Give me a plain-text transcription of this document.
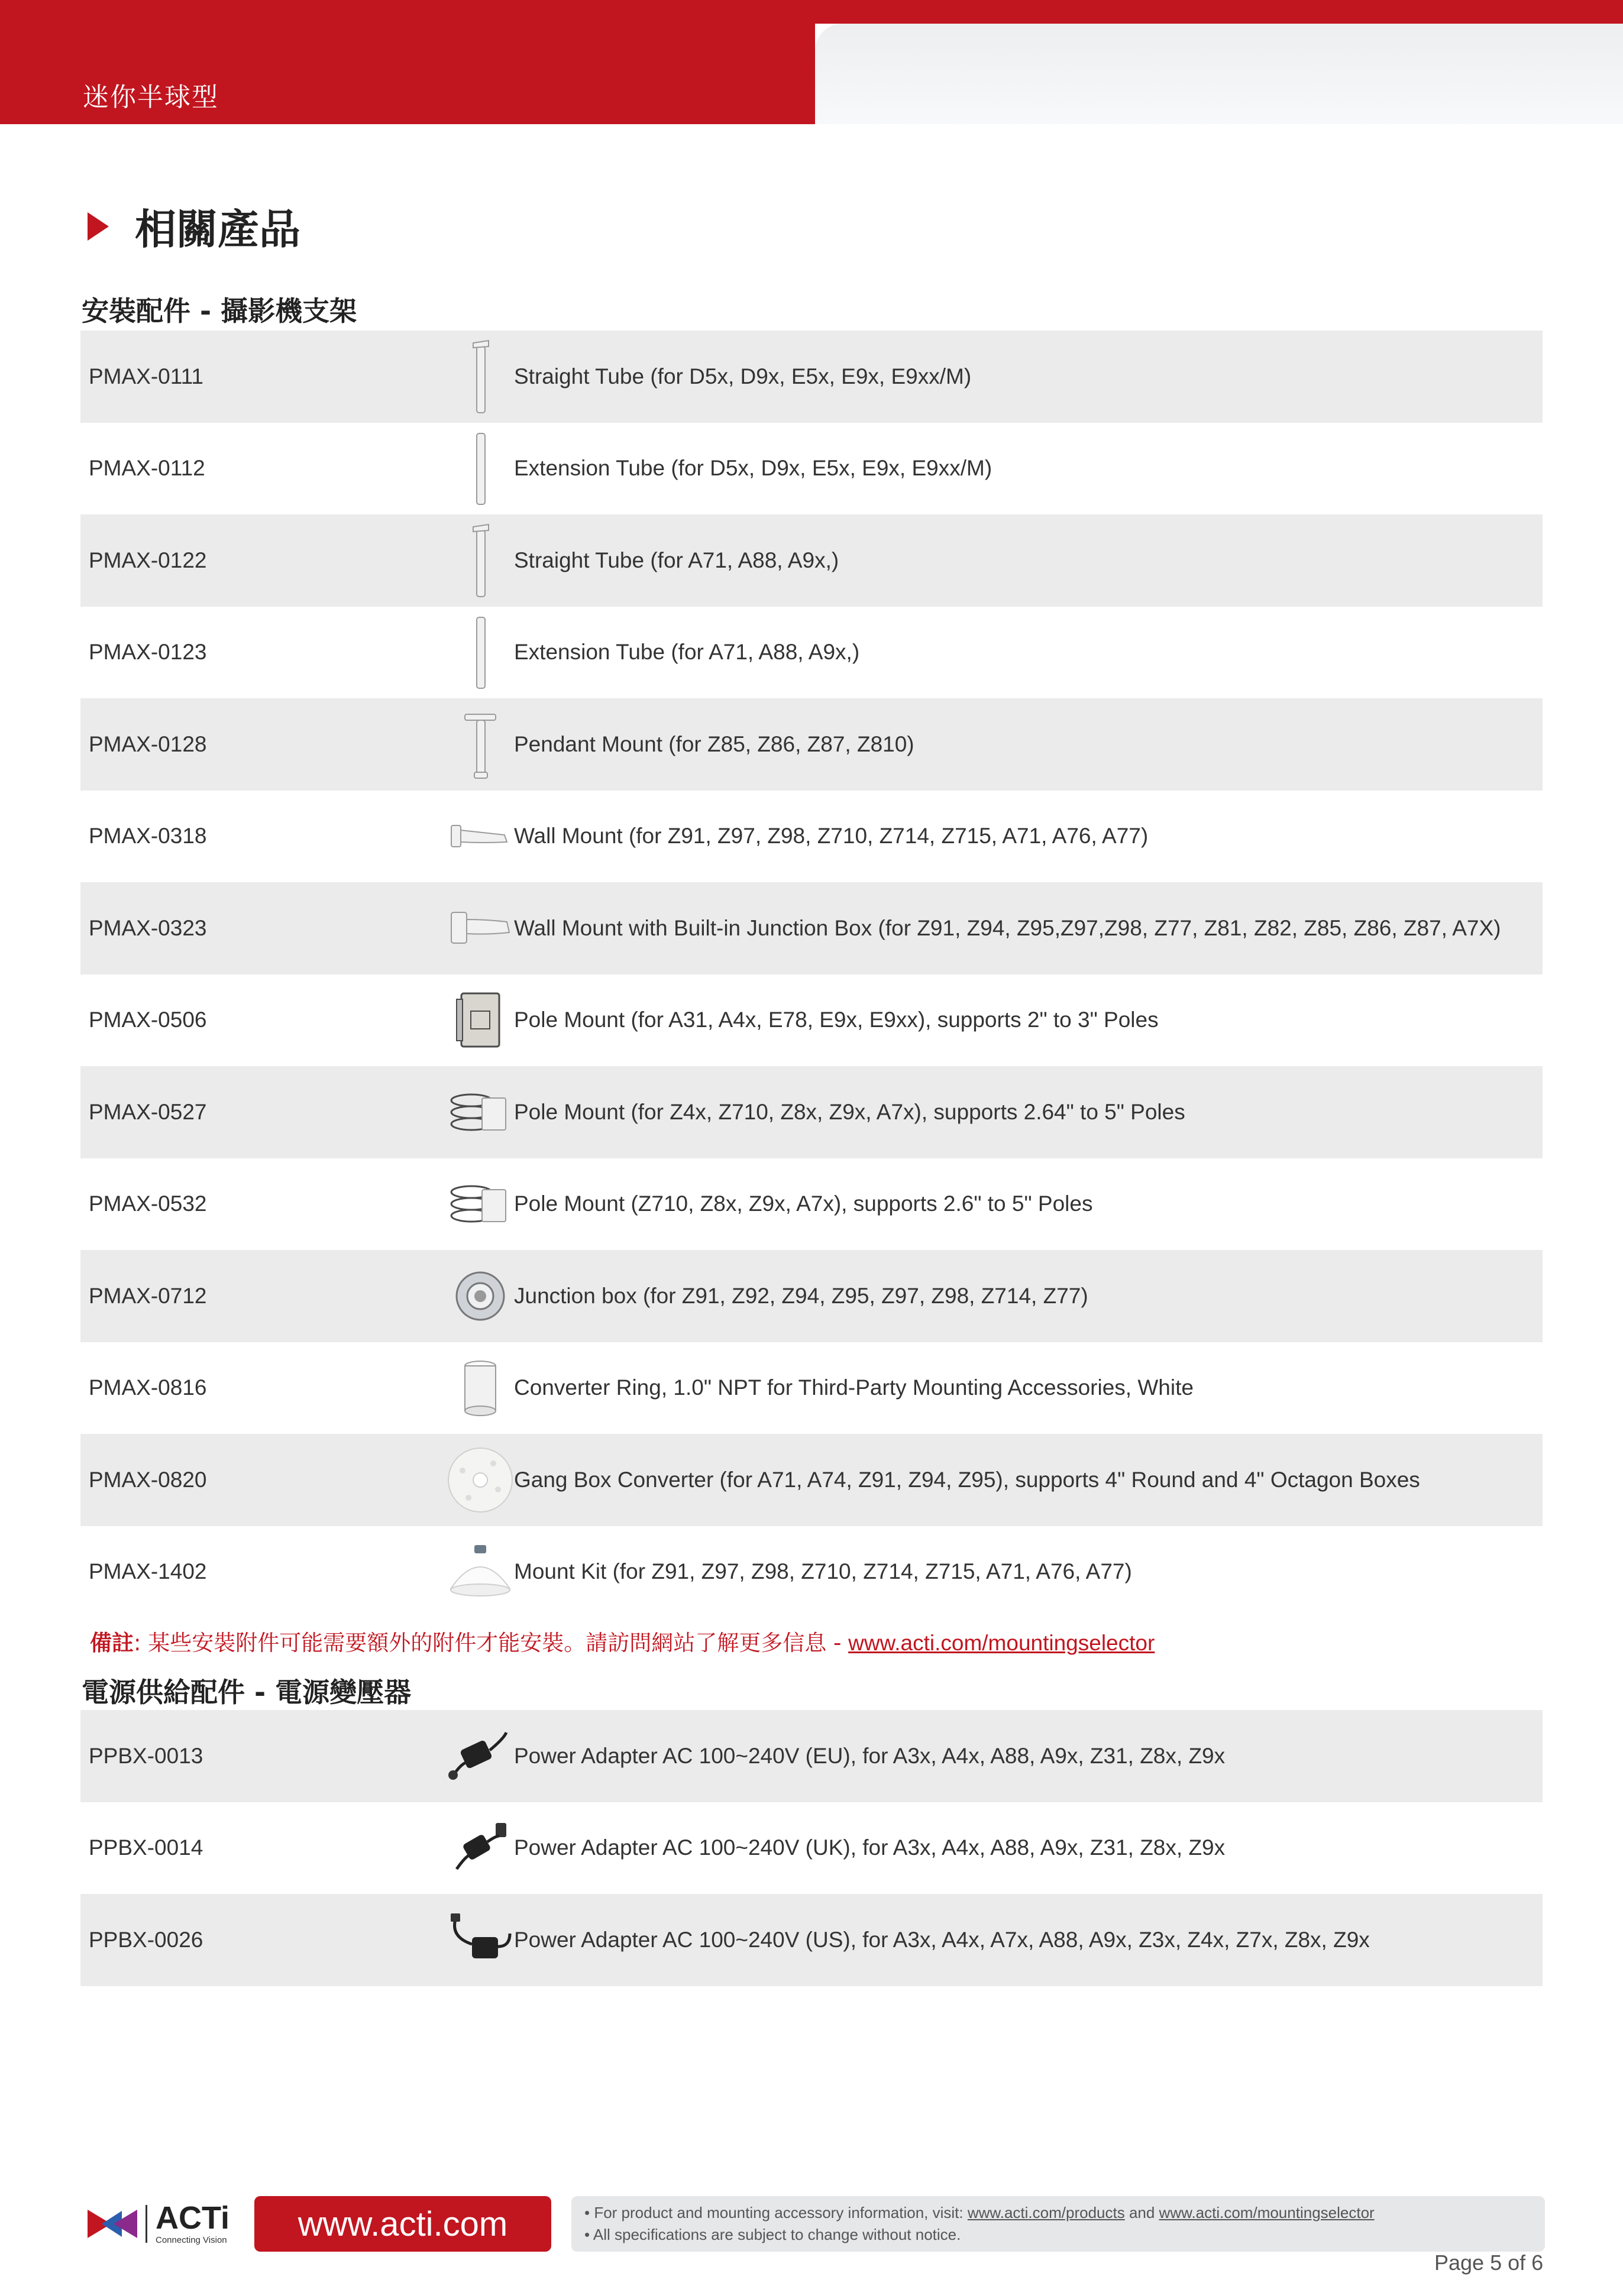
迷你半球型
相關產品
安裝配件 - 攝影機支架
PMAX-0111	Straight Tube (for D5x, D9x, E5x, E9x, E9xx/M)
PMAX-0112	Extension Tube (for D5x, D9x, E5x, E9x, E9xx/M)
PMAX-0122	Straight Tube (for A71, A88, A9x,)
PMAX-0123	Extension Tube (for A71, A88, A9x,)
PMAX-0128	Pendant Mount (for Z85, Z86, Z87, Z810)
PMAX-0318	Wall Mount (for Z91, Z97, Z98, Z710, Z714, Z715, A71, A76, A77)
PMAX-0323	Wall Mount with Built-in Junction Box (for Z91, Z94, Z95,Z97,Z98, Z77, Z81, Z82, Z85, Z86, Z87, A7X)
PMAX-0506	Pole Mount (for A31, A4x, E78, E9x, E9xx), supports 2" to 3" Poles
PMAX-0527	Pole Mount (for Z4x, Z710, Z8x, Z9x, A7x), supports 2.64" to 5" Poles
PMAX-0532	Pole Mount (Z710, Z8x, Z9x, A7x), supports 2.6" to 5" Poles
PMAX-0712	Junction box (for Z91, Z92, Z94, Z95, Z97, Z98, Z714, Z77)
PMAX-0816	Converter Ring, 1.0" NPT for Third-Party Mounting Accessories, White
PMAX-0820	Gang Box Converter (for A71, A74, Z91, Z94, Z95), supports 4" Round and 4" Octagon Boxes
PMAX-1402	Mount Kit (for Z91, Z97, Z98, Z710, Z714, Z715, A71, A76, A77)
備註: 某些安裝附件可能需要額外的附件才能安裝。請訪問網站了解更多信息 - www.acti.com/mountingselector
電源供給配件 - 電源變壓器
PPBX-0013	Power Adapter AC 100~240V (EU), for A3x, A4x, A88, A9x, Z31, Z8x, Z9x
PPBX-0014	Power Adapter AC 100~240V (UK), for A3x, A4x, A88, A9x, Z31, Z8x, Z9x
PPBX-0026	Power Adapter AC 100~240V (US), for A3x, A4x, A7x, A88, A9x, Z3x, Z4x, Z7x, Z8x, Z9x
ACTi
Connecting Vision	www.acti.com	• For product and mounting accessory information, visit: www.acti.com/products and www.acti.com/mountingselector
• All specifications are subject to change without notice.
Page 5 of 6
